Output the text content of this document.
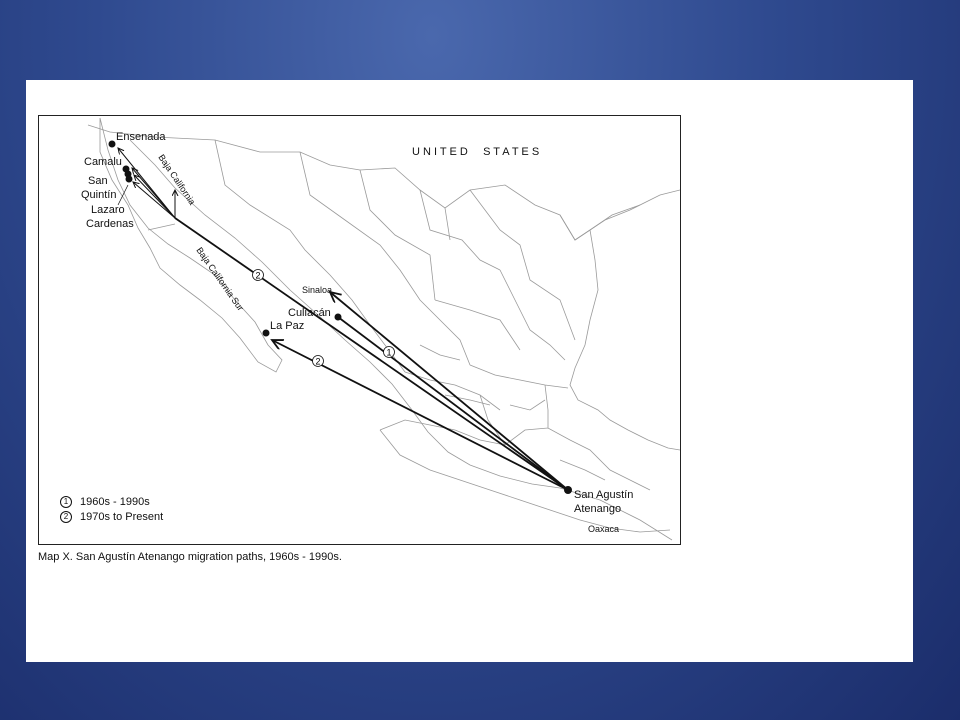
1
2
2
U N I T E D     S T A T E S
Ensenada
Camalu
San
Quintín
Lazaro
Cardenas
Culiacán
La Paz
San Agustín
Atenango
Baja California
Baja California Sur	Sinaloa
Oaxaca
1	1960s - 1990s
2	1970s to Present
Map X. San Agustín Atenango migration paths, 1960s - 1990s.
